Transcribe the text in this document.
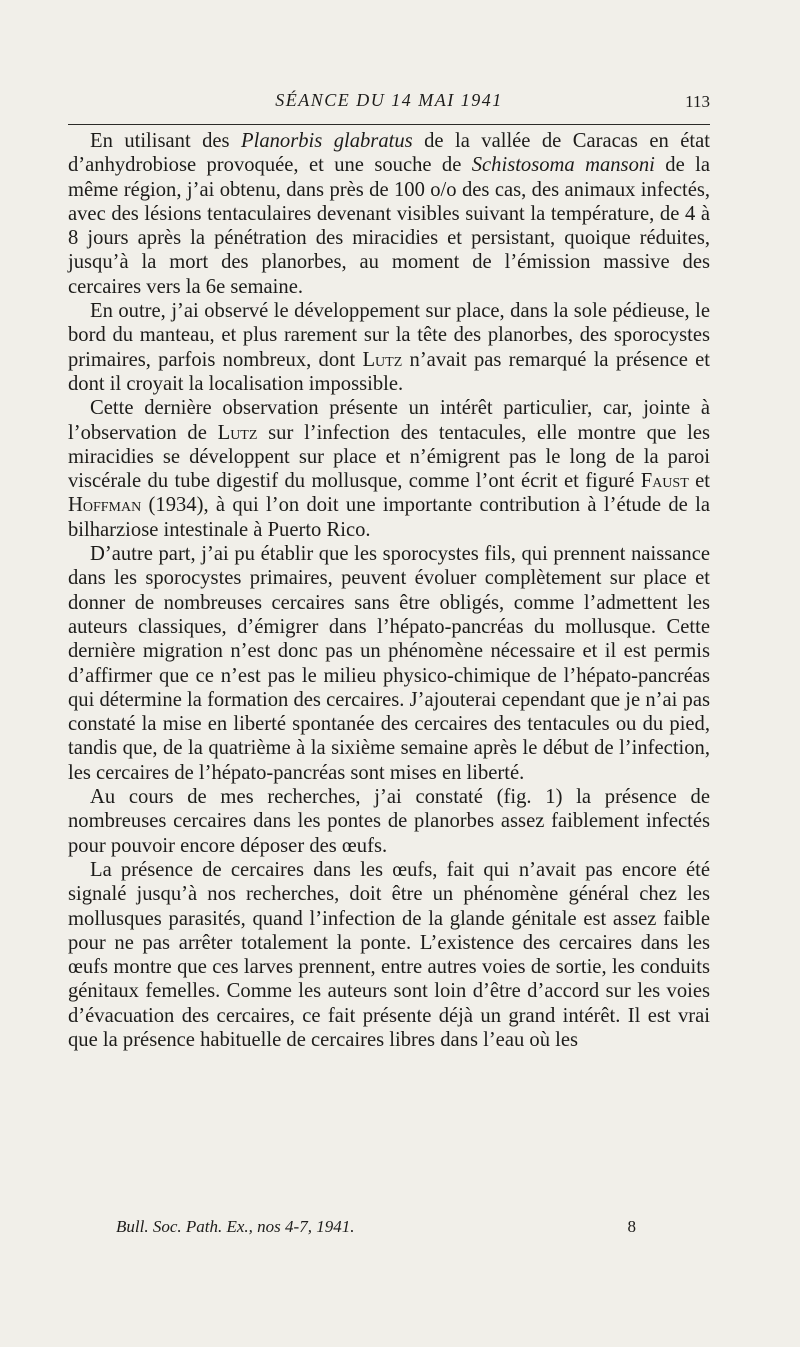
SÉANCE DU 14 MAI 1941	113

En utilisant des Planorbis glabratus de la vallée de Caracas en état d’anhydrobiose provoquée, et une souche de Schistosoma mansoni de la même région, j’ai obtenu, dans près de 100 o/o des cas, des animaux infectés, avec des lésions tentaculaires devenant visibles suivant la température, de 4 à 8 jours après la pénétration des miracidies et persistant, quoique réduites, jusqu’à la mort des planorbes, au moment de l’émission massive des cercaires vers la 6e semaine.

En outre, j’ai observé le développement sur place, dans la sole pédieuse, le bord du manteau, et plus rarement sur la tête des planorbes, des sporocystes primaires, parfois nombreux, dont Lutz n’avait pas remarqué la présence et dont il croyait la localisation impossible.

Cette dernière observation présente un intérêt particulier, car, jointe à l’observation de Lutz sur l’infection des tentacules, elle montre que les miracidies se développent sur place et n’émigrent pas le long de la paroi viscérale du tube digestif du mollusque, comme l’ont écrit et figuré Faust et Hoffman (1934), à qui l’on doit une importante contribution à l’étude de la bilharziose intestinale à Puerto Rico.

D’autre part, j’ai pu établir que les sporocystes fils, qui prennent naissance dans les sporocystes primaires, peuvent évoluer complètement sur place et donner de nombreuses cercaires sans être obligés, comme l’admettent les auteurs classiques, d’émigrer dans l’hépato-pancréas du mollusque. Cette dernière migration n’est donc pas un phénomène nécessaire et il est permis d’affirmer que ce n’est pas le milieu physico-chimique de l’hépato-pancréas qui détermine la formation des cercaires. J’ajouterai cependant que je n’ai pas constaté la mise en liberté spontanée des cercaires des tentacules ou du pied, tandis que, de la quatrième à la sixième semaine après le début de l’infection, les cercaires de l’hépato-pancréas sont mises en liberté.

Au cours de mes recherches, j’ai constaté (fig. 1) la présence de nombreuses cercaires dans les pontes de planorbes assez faiblement infectés pour pouvoir encore déposer des œufs.

La présence de cercaires dans les œufs, fait qui n’avait pas encore été signalé jusqu’à nos recherches, doit être un phénomène général chez les mollusques parasités, quand l’infection de la glande génitale est assez faible pour ne pas arrêter totalement la ponte. L’existence des cercaires dans les œufs montre que ces larves prennent, entre autres voies de sortie, les conduits génitaux femelles. Comme les auteurs sont loin d’être d’accord sur les voies d’évacuation des cercaires, ce fait présente déjà un grand intérêt. Il est vrai que la présence habituelle de cercaires libres dans l’eau où les

Bull. Soc. Path. Ex., nos 4-7, 1941.	8
